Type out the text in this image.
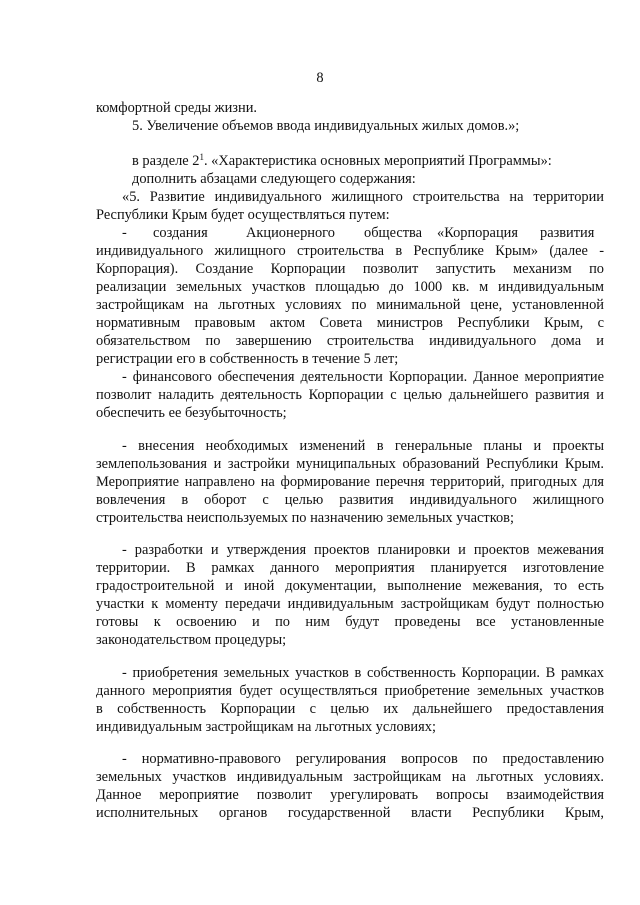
8
комфортной среды жизни.
5. Увеличение объемов ввода индивидуальных жилых домов.»;
в разделе $2^1$. «Характеристика основных мероприятий Программы»:
дополнить абзацами следующего содержания:
«5. Развитие индивидуального жилищного строительства на территории
Республики Крым будет осуществляться путем:
- создания	Акционерного общества «Корпорация развития
индивидуального жилищного строительства в Республике Крым» (далее -
Корпорация). Создание Корпорации позволит запустить механизм по
реализации земельных участков площадью до 1000 кв. м индивидуальным
застройщикам на льготных условиях по минимальной цене, установленной
нормативным правовым актом Совета министров Республики Крым, с
обязательством по завершению строительства индивидуального дома и
регистрации его в собственность в течение 5 лет;
- финансового обеспечения деятельности Корпорации. Данное мероприятие
позволит наладить деятельность Корпорации с целью дальнейшего развития и
обеспечить ее безубыточность;
- внесения необходимых изменений в генеральные планы и проекты
землепользования и застройки муниципальных образований Республики Крым.
Мероприятие направлено на формирование перечня территорий, пригодных для
вовлечения в оборот с целью развития индивидуального жилищного
строительства неиспользуемых по назначению земельных участков;
- разработки и утверждения проектов планировки и проектов межевания
территории. В рамках данного мероприятия планируется изготовление
градостроительной и иной документации, выполнение межевания, то есть
участки к моменту передачи индивидуальным застройщикам будут полностью
готовы к освоению и по ним будут проведены все установленные
законодательством процедуры;
- приобретения земельных участков в собственность Корпорации. В рамках
данного мероприятия будет осуществляться приобретение земельных участков
в собственность Корпорации с целью их дальнейшего предоставления
индивидуальным застройщикам на льготных условиях;
- нормативно-правового регулирования вопросов по предоставлению
земельных участков индивидуальным застройщикам на льготных условиях.
Данное мероприятие позволит урегулировать вопросы взаимодействия
исполнительных органов государственной власти Республики Крым,
